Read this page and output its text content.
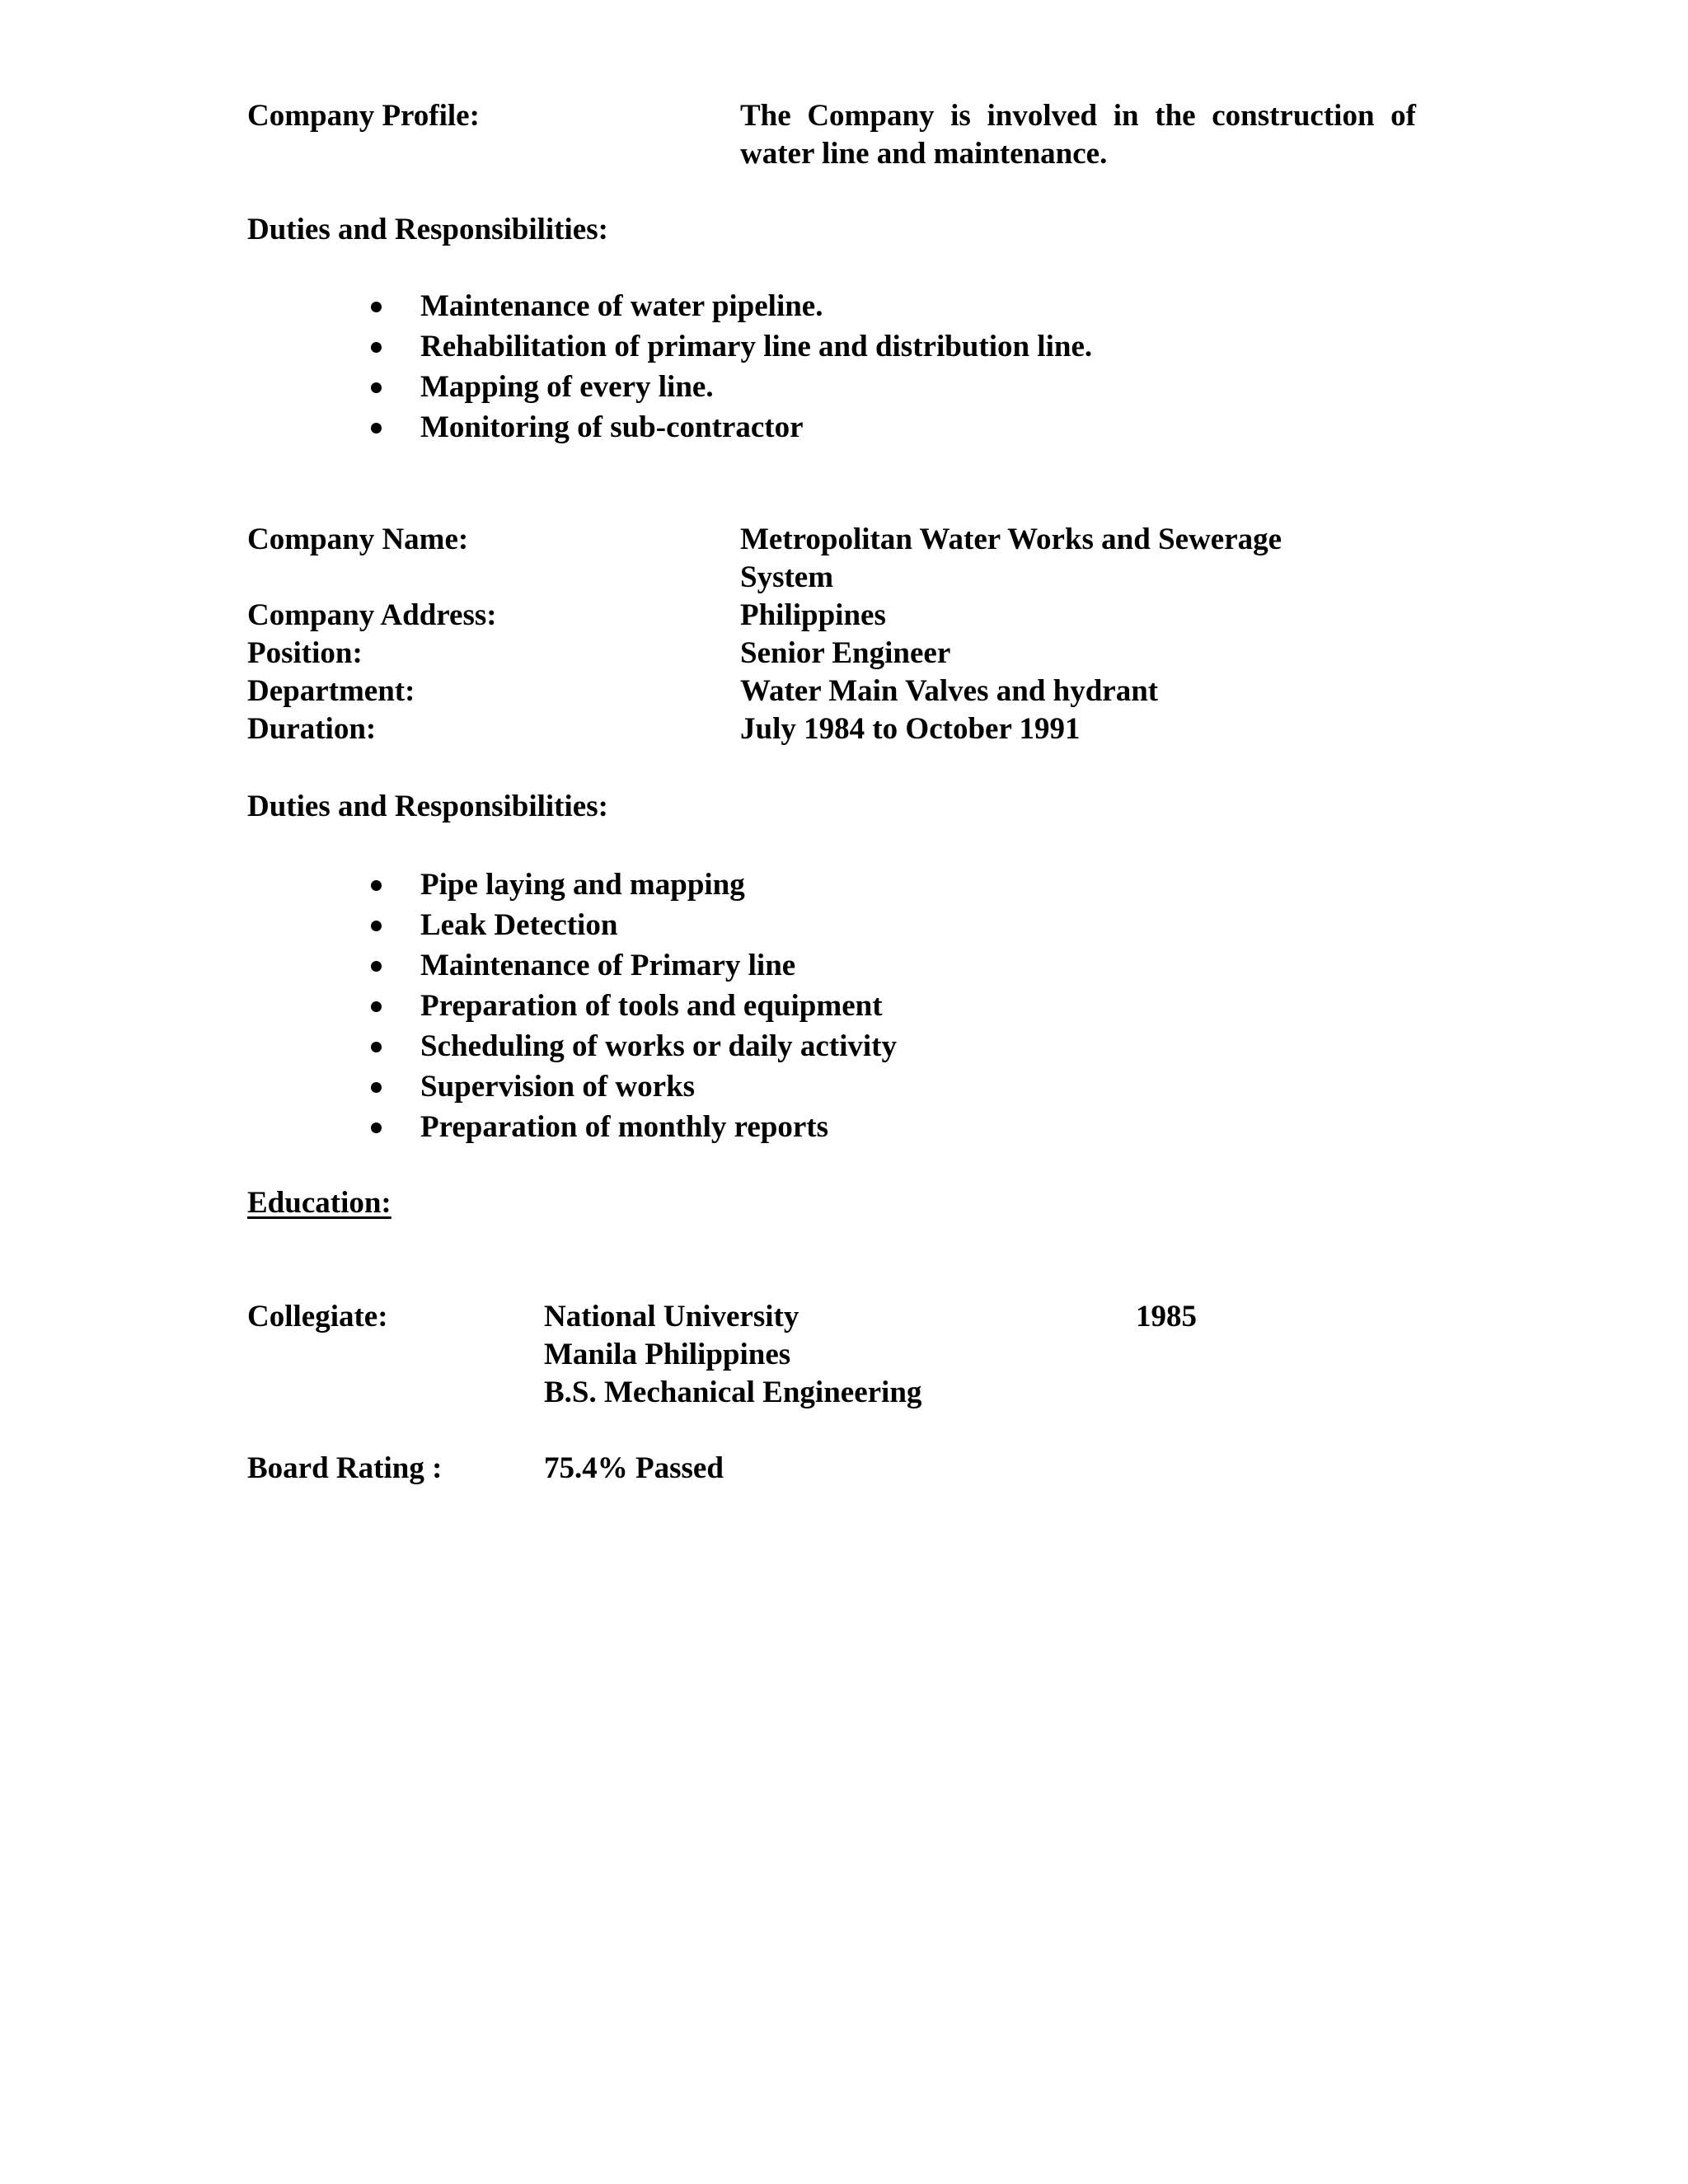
Company Profile:	The Company is involved in the construction of water line and maintenance.
Duties and Responsibilities:
Maintenance of water pipeline.
Rehabilitation of primary line and distribution line.
Mapping of every line.
Monitoring of sub-contractor
Company Name:	Metropolitan Water Works and Sewerage
System
Company Address:	Philippines
Position:	Senior Engineer
Department:	Water Main Valves and hydrant
Duration:	July 1984 to October 1991
Duties and Responsibilities:
Pipe laying and mapping
Leak Detection
Maintenance of Primary line
Preparation of tools and equipment
Scheduling of works or daily activity
Supervision of works
Preparation of monthly reports
Education:
Collegiate:	National University	1985
Manila Philippines
B.S. Mechanical Engineering
Board Rating :	75.4% Passed
